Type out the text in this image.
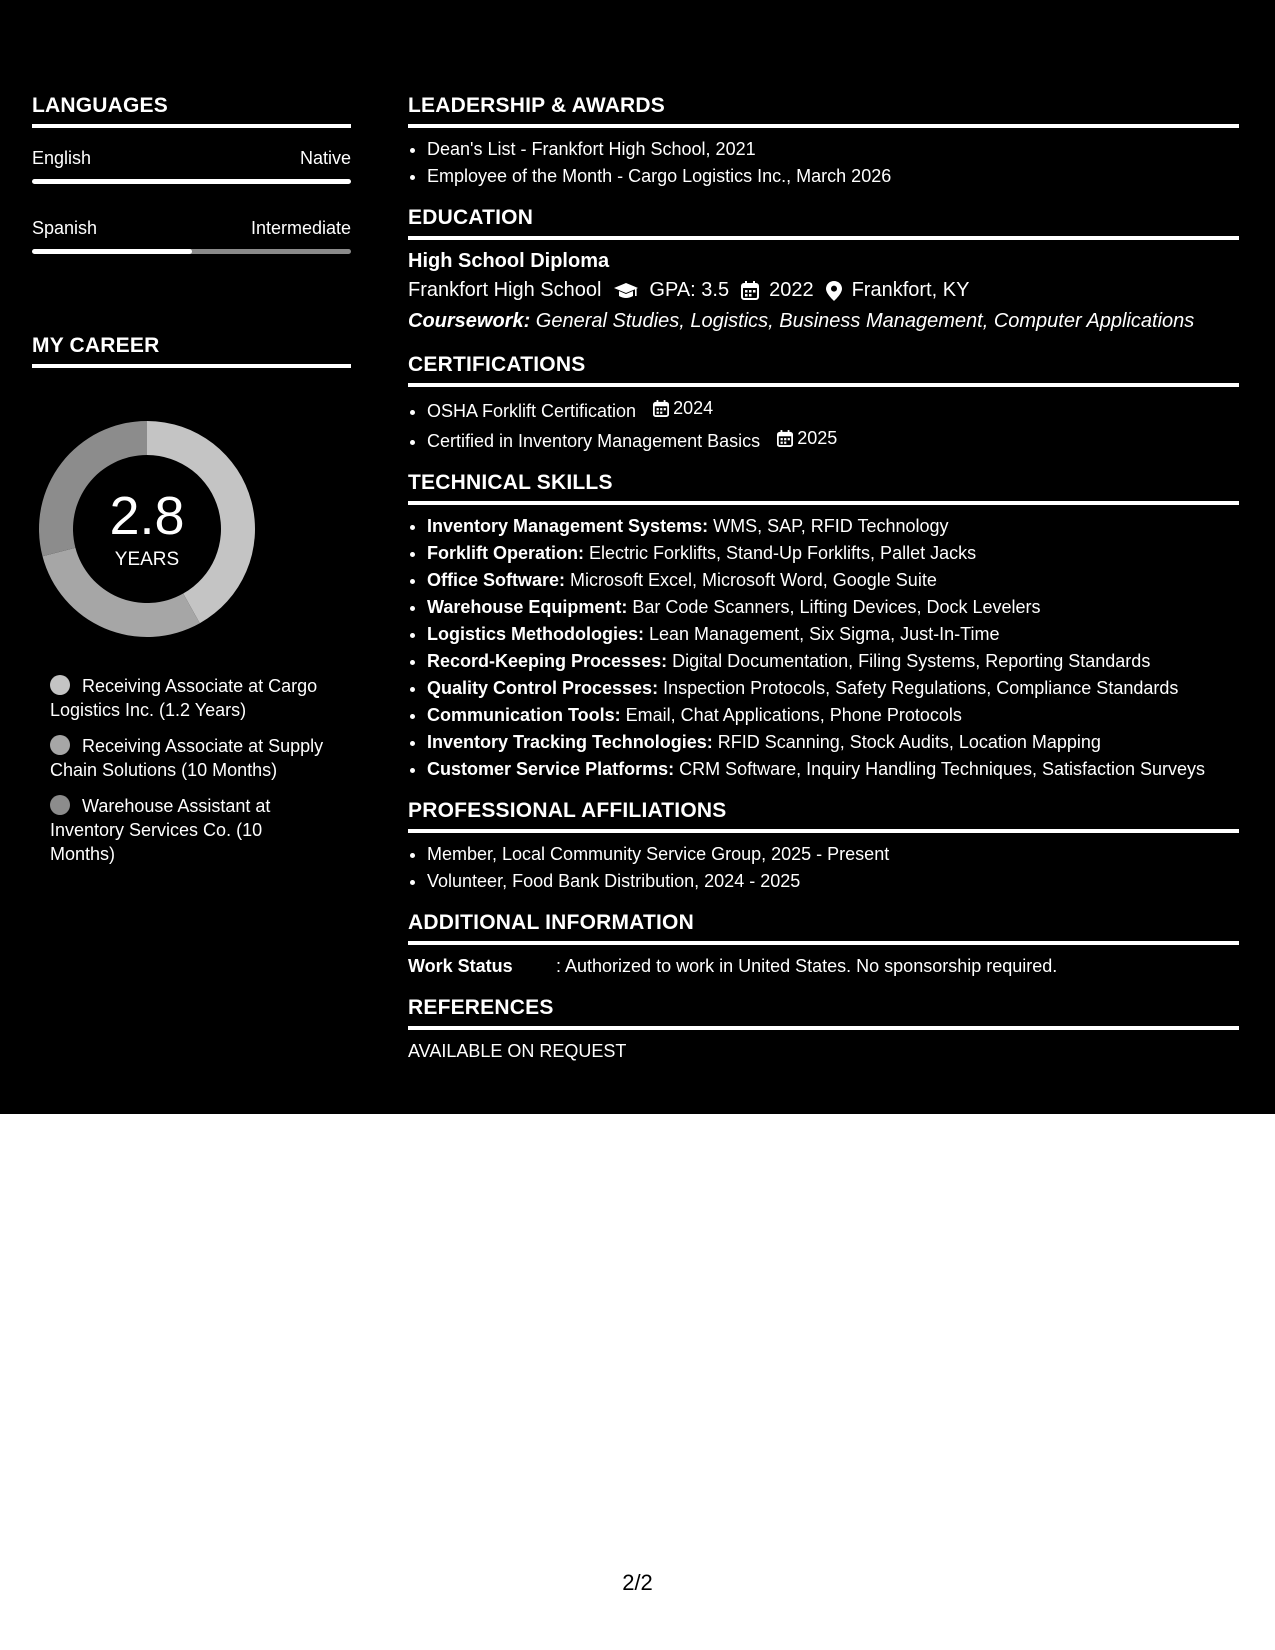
LANGUAGES
English	Native
Spanish	Intermediate
MY CAREER
2.8
YEARS
Receiving Associate at Cargo Logistics Inc. (1.2 Years)
Receiving Associate at Supply Chain Solutions (10 Months)
Warehouse Assistant at Inventory Services Co. (10 Months)
LEADERSHIP & AWARDS
• Dean's List - Frankfort High School, 2021
• Employee of the Month - Cargo Logistics Inc., March 2026
EDUCATION
High School Diploma
Frankfort High School GPA: 3.5 2022 Frankfort, KY
Coursework: General Studies, Logistics, Business Management, Computer Applications
CERTIFICATIONS
• OSHA Forklift Certification 2024
• Certified in Inventory Management Basics 2025
TECHNICAL SKILLS
• Inventory Management Systems: WMS, SAP, RFID Technology
• Forklift Operation: Electric Forklifts, Stand-Up Forklifts, Pallet Jacks
• Office Software: Microsoft Excel, Microsoft Word, Google Suite
• Warehouse Equipment: Bar Code Scanners, Lifting Devices, Dock Levelers
• Logistics Methodologies: Lean Management, Six Sigma, Just-In-Time
• Record-Keeping Processes: Digital Documentation, Filing Systems, Reporting Standards
• Quality Control Processes: Inspection Protocols, Safety Regulations, Compliance Standards
• Communication Tools: Email, Chat Applications, Phone Protocols
• Inventory Tracking Technologies: RFID Scanning, Stock Audits, Location Mapping
• Customer Service Platforms: CRM Software, Inquiry Handling Techniques, Satisfaction Surveys
PROFESSIONAL AFFILIATIONS
• Member, Local Community Service Group, 2025 - Present
• Volunteer, Food Bank Distribution, 2024 - 2025
ADDITIONAL INFORMATION
Work Status	: Authorized to work in United States. No sponsorship required.
REFERENCES
AVAILABLE ON REQUEST
2/2
